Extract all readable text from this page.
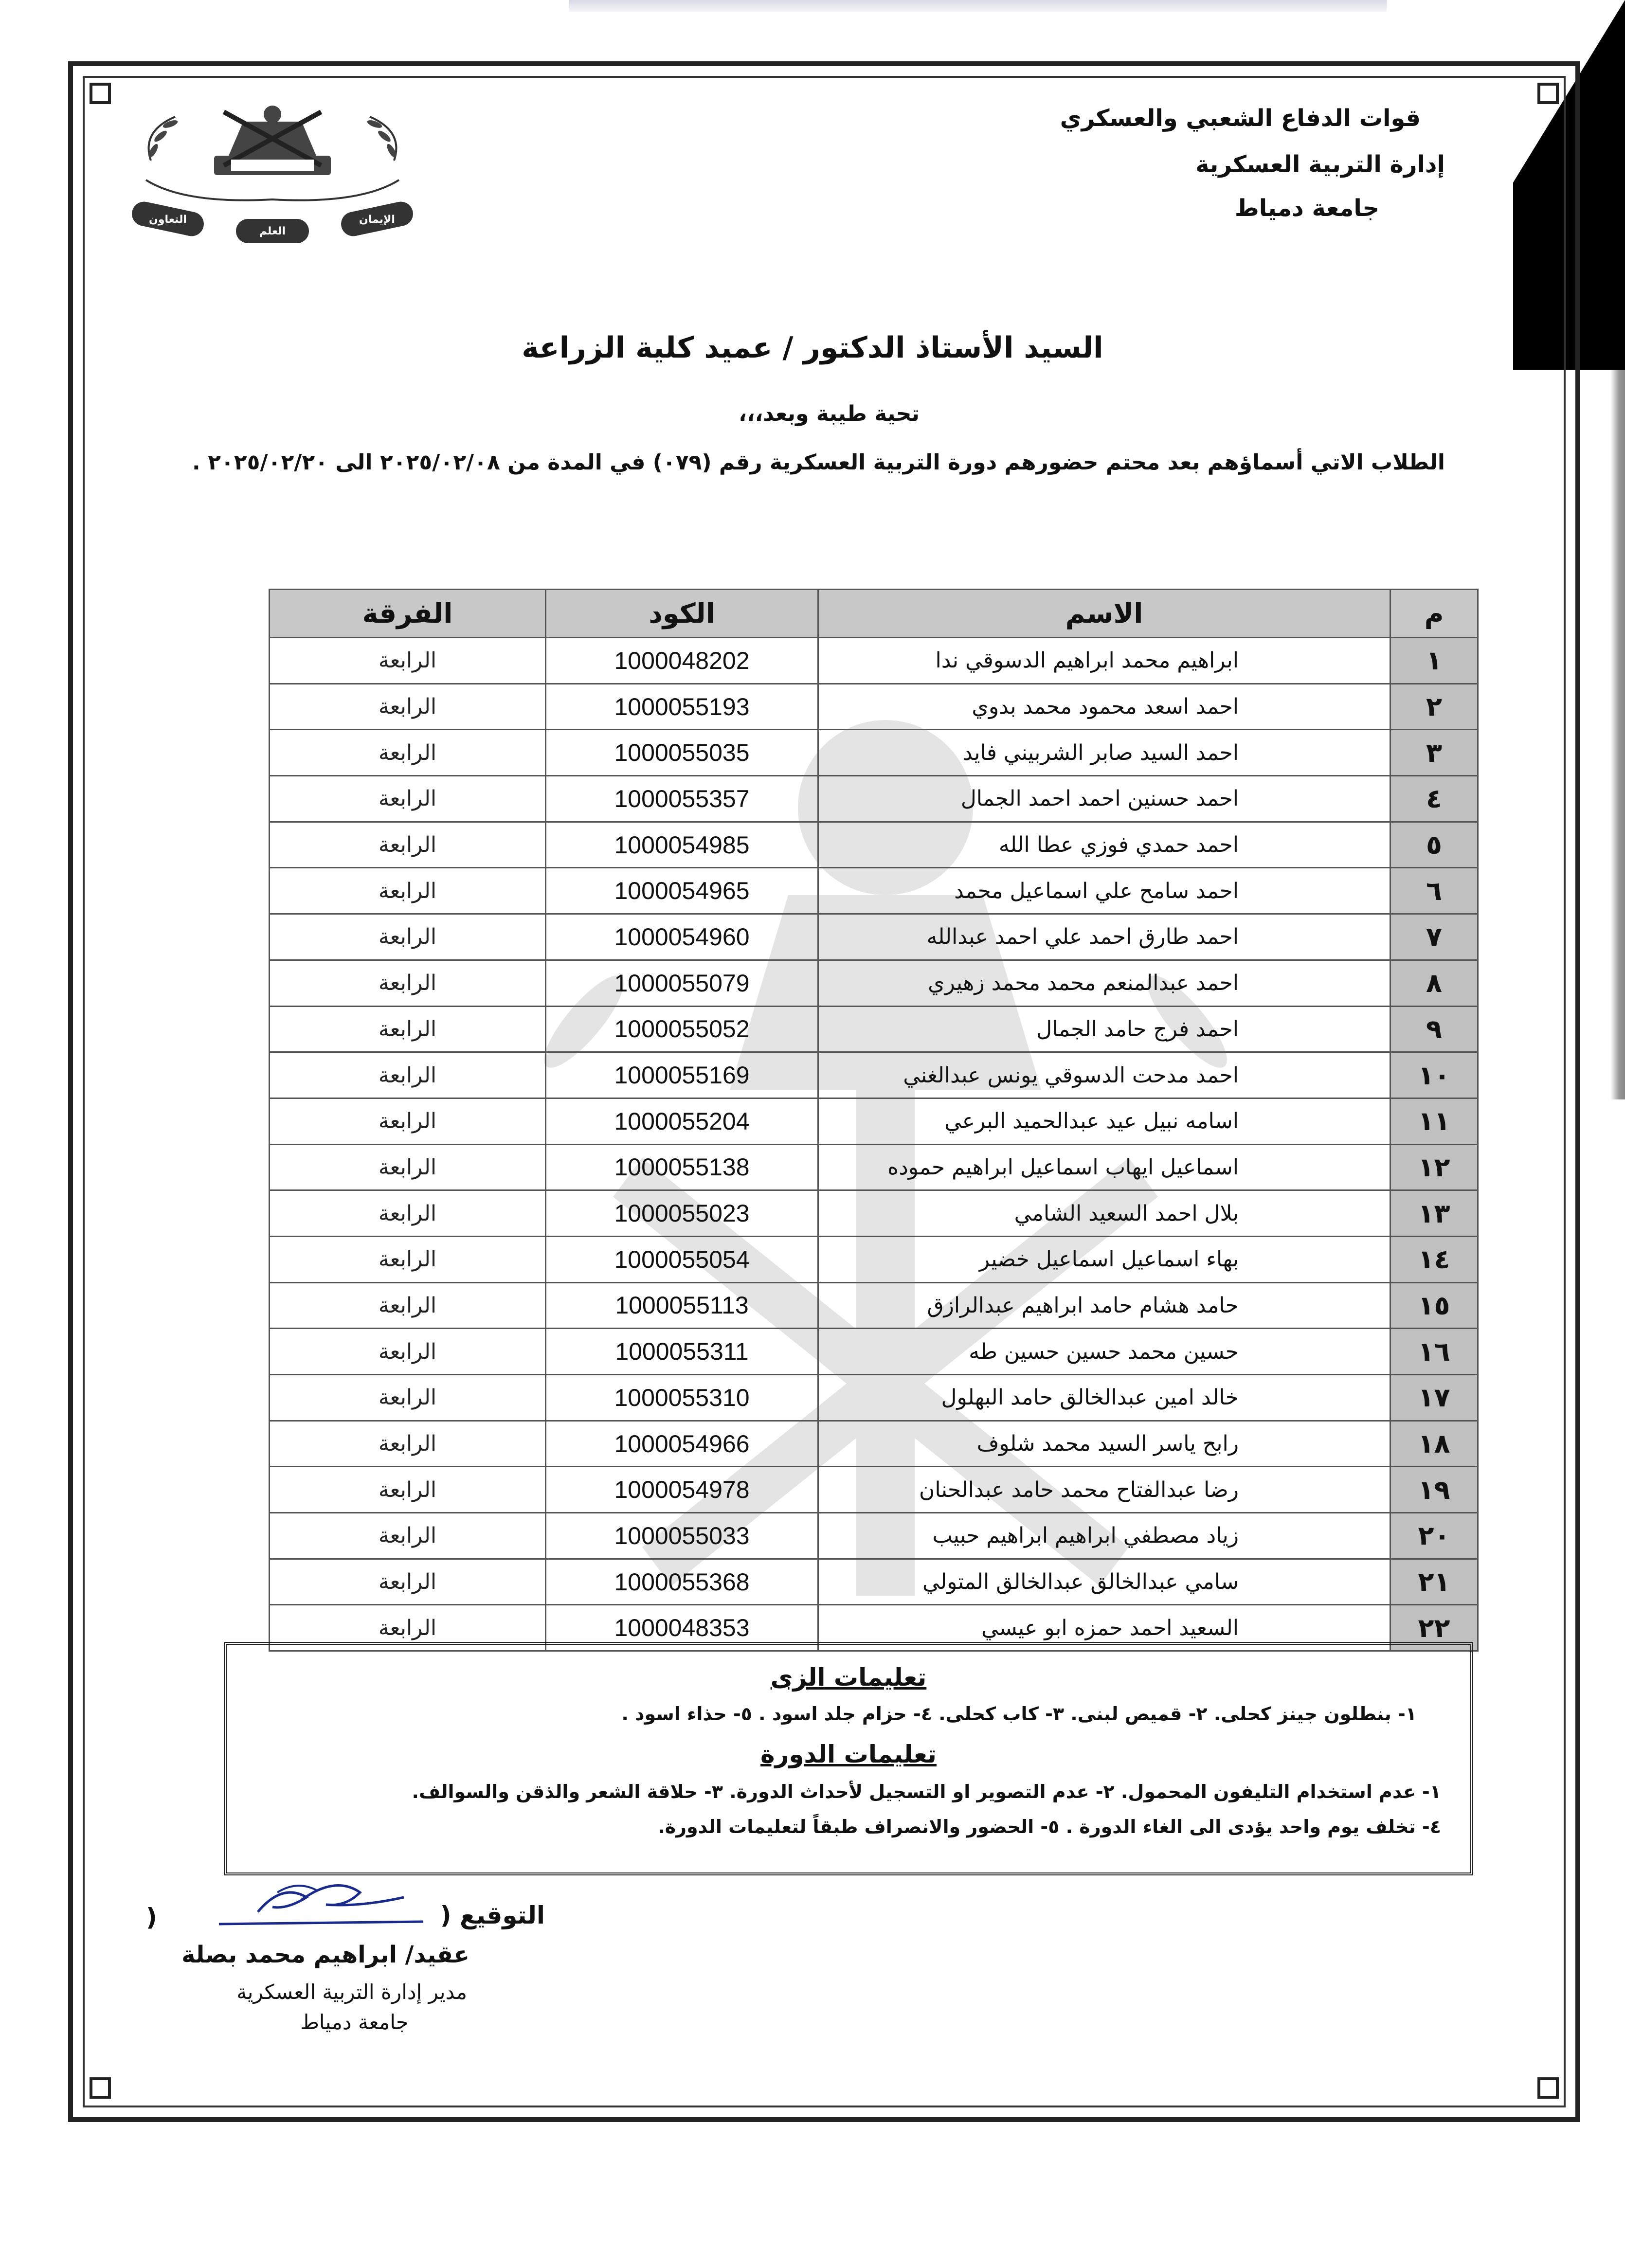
قوات الدفاع الشعبي والعسكري
إدارة التربية العسكرية
جامعة دمياط
الإيمان
العلم
التعاون
السيد الأستاذ الدكتور / عميد كلية الزراعة
تحية طيبة وبعد،،،
الطلاب الاتي أسماؤهم بعد محتم حضورهم دورة التربية العسكرية رقم (٠٧٩) في المدة من ٢٠٢٥/٠٢/٠٨ الى ٢٠٢٥/٠٢/٢٠ .
الفرقة	الكود	الاسم	م
الرابعة	1000048202	ابراهيم محمد ابراهيم الدسوقي ندا	١
الرابعة	1000055193	احمد اسعد محمود محمد بدوي	٢
الرابعة	1000055035	احمد السيد صابر الشربيني فايد	٣
الرابعة	1000055357	احمد حسنين احمد احمد الجمال	٤
الرابعة	1000054985	احمد حمدي فوزي عطا الله	٥
الرابعة	1000054965	احمد سامح علي اسماعيل محمد	٦
الرابعة	1000054960	احمد طارق احمد علي احمد عبدالله	٧
الرابعة	1000055079	احمد عبدالمنعم محمد محمد زهيري	٨
الرابعة	1000055052	احمد فرج حامد الجمال	٩
الرابعة	1000055169	احمد مدحت الدسوقي يونس عبدالغني	١٠
الرابعة	1000055204	اسامه نبيل عيد عبدالحميد البرعي	١١
الرابعة	1000055138	اسماعيل ايهاب اسماعيل ابراهيم حموده	١٢
الرابعة	1000055023	بلال احمد السعيد الشامي	١٣
الرابعة	1000055054	بهاء اسماعيل اسماعيل خضير	١٤
الرابعة	1000055113	حامد هشام حامد ابراهيم عبدالرازق	١٥
الرابعة	1000055311	حسين محمد حسين حسين طه	١٦
الرابعة	1000055310	خالد امين عبدالخالق حامد البهلول	١٧
الرابعة	1000054966	رابح ياسر السيد محمد شلوف	١٨
الرابعة	1000054978	رضا عبدالفتاح محمد حامد عبدالحنان	١٩
الرابعة	1000055033	زياد مصطفي ابراهيم ابراهيم حبيب	٢٠
الرابعة	1000055368	سامي عبدالخالق عبدالخالق المتولي	٢١
الرابعة	1000048353	السعيد احمد حمزه ابو عيسي	٢٢
تعليمات الزى
١- بنطلون جينز كحلى. ٢- قميص لبنى. ٣- كاب كحلى. ٤- حزام جلد اسود . ٥- حذاء اسود .
تعليمات الدورة
١- عدم استخدام التليفون المحمول. ٢- عدم التصوير او التسجيل لأحداث الدورة. ٣- حلاقة الشعر والذقن والسوالف.
٤- تخلف يوم واحد يؤدى الى الغاء الدورة . ٥- الحضور والانصراف طبقاً لتعليمات الدورة.
التوقيع (
)
عقيد/ ابراهيم محمد بصلة
مدير إدارة التربية العسكرية
جامعة دمياط
